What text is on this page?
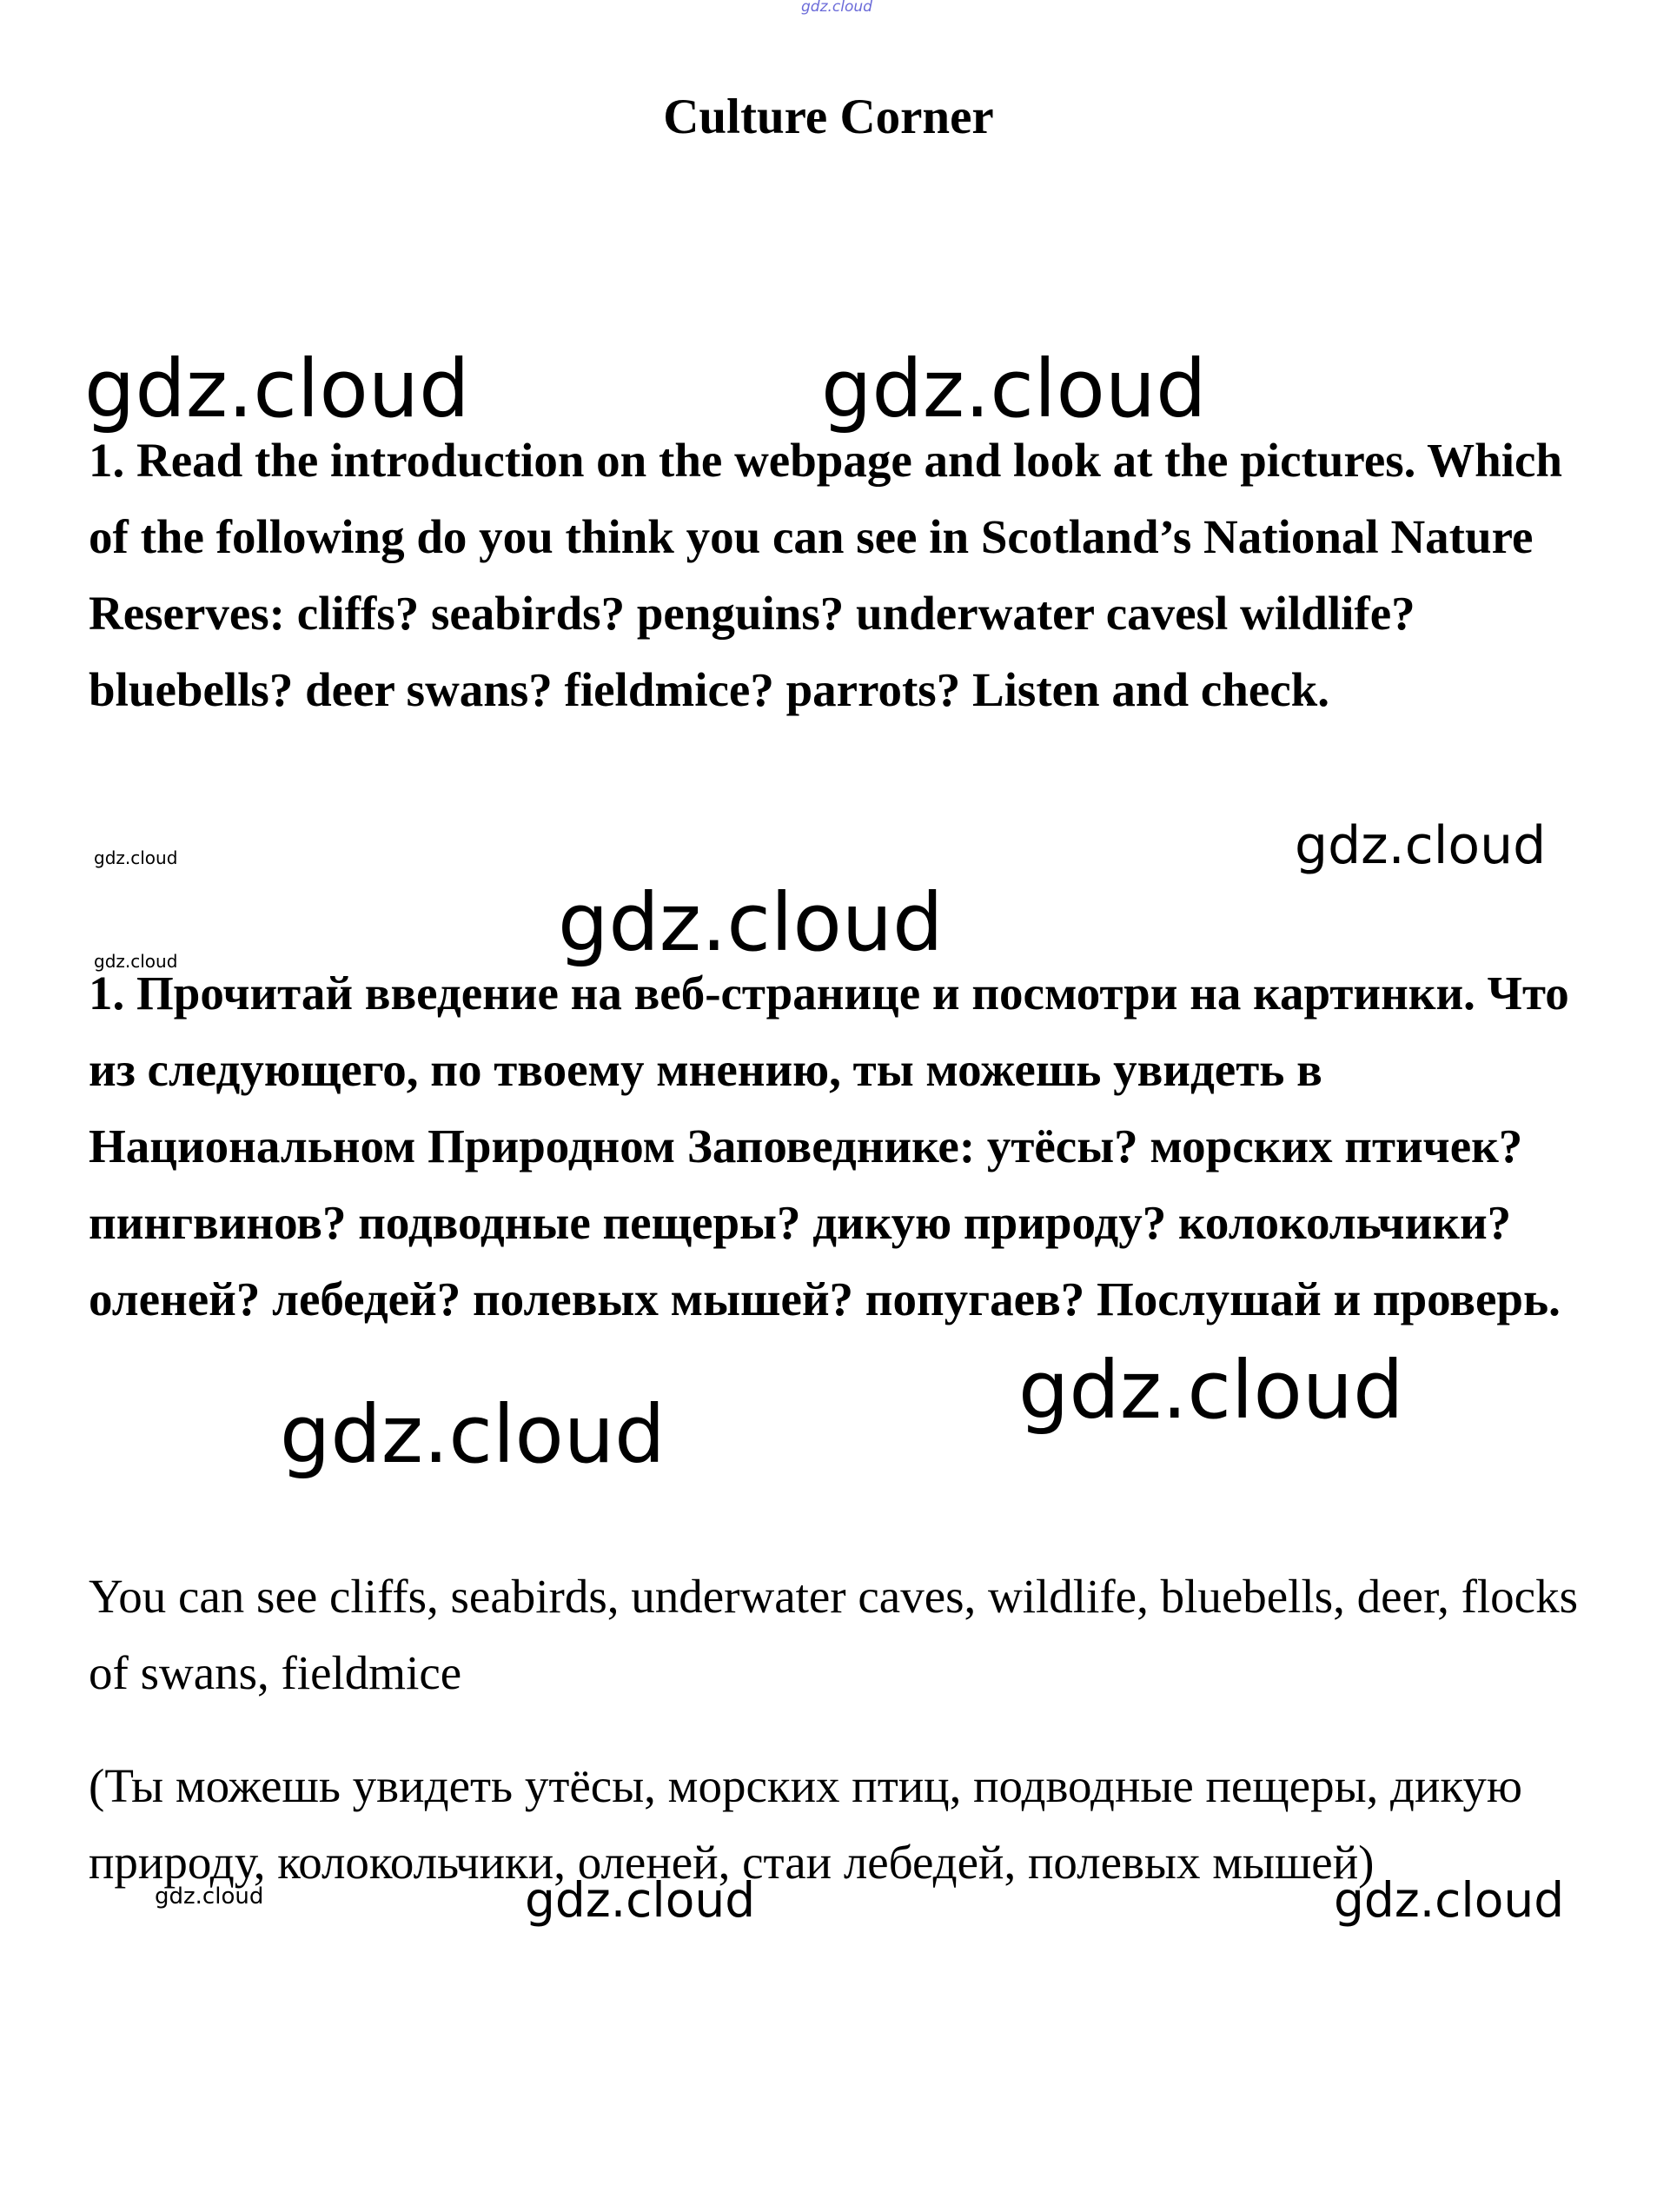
Culture Corner

1. Read the introduction on the webpage and look at the pictures. Which of the following do you think you can see in Scotland’s National Nature Reserves: cliffs? seabirds? penguins? underwater cavesl wildlife? bluebells? deer swans? fieldmice? parrots? Listen and check.

1. Прочитай введение на веб-странице и посмотри на картинки. Что из следующего, по твоему мнению, ты можешь увидеть в Национальном Природном Заповеднике: утёсы? морских птичек? пингвинов? подводные пещеры? дикую природу? колокольчики? оленей? лебедей? полевых мышей? попугаев? Послушай и проверь.

You can see cliffs, seabirds, underwater caves, wildlife, bluebells, deer, flocks of swans, fieldmice

(Ты можешь увидеть утёсы, морских птиц, подводные пещеры, дикую природу, колокольчики, оленей, стаи лебедей, полевых мышей)

gdz.cloud
gdz.cloud	gdz.cloud
gdz.cloud	gdz.cloud
gdz.cloud
gdz.cloud
gdz.cloud
gdz.cloud
gdz.cloud	gdz.cloud	gdz.cloud
